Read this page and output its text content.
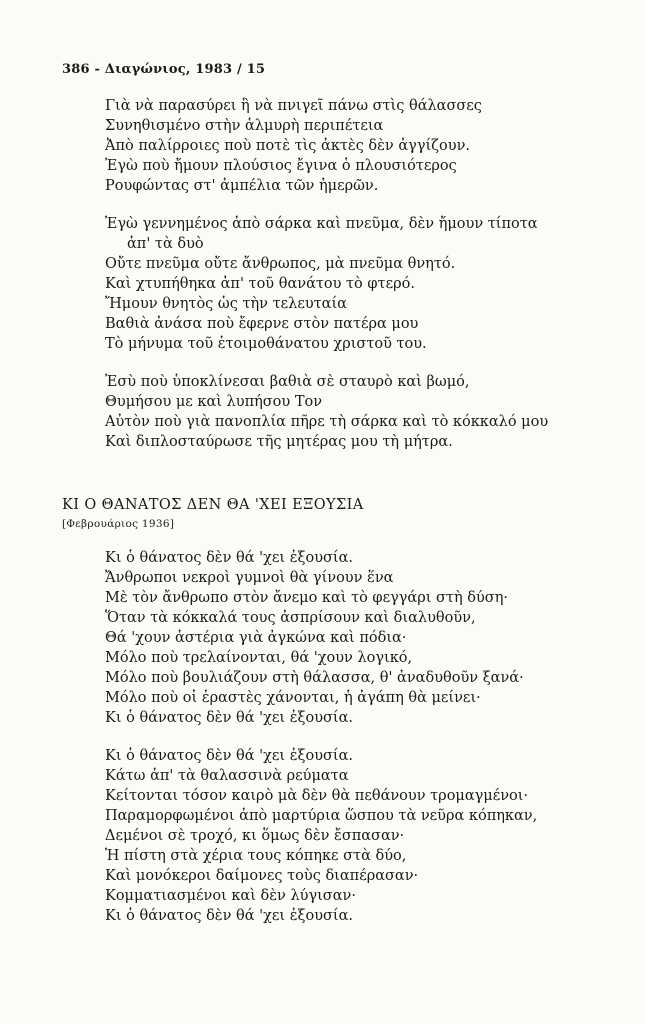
386 - Διαγώνιος, 1983 / 15
Γιὰ νὰ παρασύρει ἢ νὰ πνιγεῖ πάνω στὶς θάλασσες
Συνηθισμένο στὴν ἁλμυρὴ περιπέτεια
Ἀπὸ παλίρροιες ποὺ ποτὲ τὶς ἀκτὲς δὲν ἀγγίζουν.
Ἐγὼ ποὺ ἤμουν πλούσιος ἔγινα ὁ πλουσιότερος
Ρουφώντας στ' ἀμπέλια τῶν ἡμερῶν.
Ἐγὼ γεννημένος ἀπὸ σάρκα καὶ πνεῦμα, δὲν ἤμουν τίποτα
ἀπ' τὰ δυὸ
Οὔτε πνεῦμα οὔτε ἄνθρωπος, μὰ πνεῦμα θνητό.
Καὶ χτυπήθηκα ἀπ' τοῦ θανάτου τὸ φτερό.
Ἤμουν θνητὸς ὡς τὴν τελευταία
Βαθιὰ ἀνάσα ποὺ ἔφερνε στὸν πατέρα μου
Τὸ μήνυμα τοῦ ἑτοιμοθάνατου χριστοῦ του.
Ἐσὺ ποὺ ὑποκλίνεσαι βαθιὰ σὲ σταυρὸ καὶ βωμό,
Θυμήσου με καὶ λυπήσου Τον
Αὐτὸν ποὺ γιὰ πανοπλία πῆρε τὴ σάρκα καὶ τὸ κόκκαλό μου
Καὶ διπλοσταύρωσε τῆς μητέρας μου τὴ μήτρα.
ΚΙ Ο ΘΑΝΑΤΟΣ ΔΕΝ ΘΑ 'ΧΕΙ ΕΞΟΥΣΙΑ
[Φεβρουάριος 1936]
Κι ὁ θάνατος δὲν θά 'χει ἐξουσία.
Ἄνθρωποι νεκροὶ γυμνοὶ θὰ γίνουν ἕνα
Μὲ τὸν ἄνθρωπο στὸν ἄνεμο καὶ τὸ φεγγάρι στὴ δύση·
Ὅταν τὰ κόκκαλά τους ἀσπρίσουν καὶ διαλυθοῦν,
Θά 'χουν ἀστέρια γιὰ ἀγκώνα καὶ πόδια·
Μόλο ποὺ τρελαίνονται, θά 'χουν λογικό,
Μόλο ποὺ βουλιάζουν στὴ θάλασσα, θ' ἀναδυθοῦν ξανά·
Μόλο ποὺ οἱ ἐραστὲς χάνονται, ἡ ἀγάπη θὰ μείνει·
Κι ὁ θάνατος δὲν θά 'χει ἐξουσία.
Κι ὁ θάνατος δὲν θά 'χει ἐξουσία.
Κάτω ἀπ' τὰ θαλασσινὰ ρεύματα
Κείτονται τόσον καιρὸ μὰ δὲν θὰ πεθάνουν τρομαγμένοι·
Παραμορφωμένοι ἀπὸ μαρτύρια ὥσπου τὰ νεῦρα κόπηκαν,
Δεμένοι σὲ τροχό, κι ὅμως δὲν ἔσπασαν·
Ἡ πίστη στὰ χέρια τους κόπηκε στὰ δύο,
Καὶ μονόκεροι δαίμονες τοὺς διαπέρασαν·
Κομματιασμένοι καὶ δὲν λύγισαν·
Κι ὁ θάνατος δὲν θά 'χει ἐξουσία.
